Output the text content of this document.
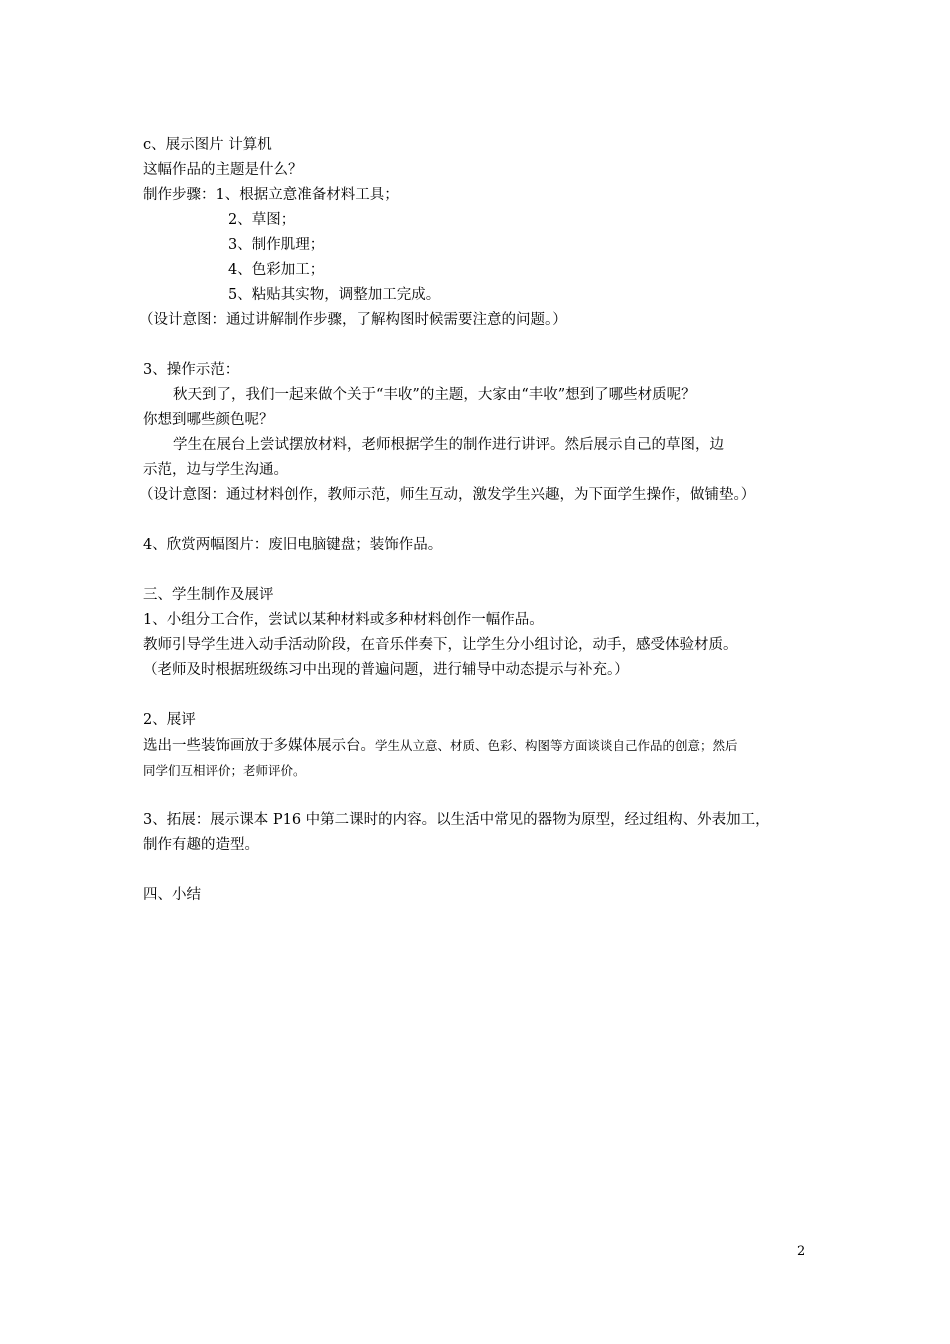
c、展示图片 计算机
这幅作品的主题是什么？
制作步骤：1、根据立意准备材料工具；
2、草图；
3、制作肌理；
4、色彩加工；
5、粘贴其实物，调整加工完成。
（设计意图：通过讲解制作步骤，了解构图时候需要注意的问题。）
3、操作示范：
秋天到了，我们一起来做个关于“丰收”的主题，大家由“丰收”想到了哪些材质呢？
你想到哪些颜色呢？
学生在展台上尝试摆放材料，老师根据学生的制作进行讲评。然后展示自己的草图，边
示范，边与学生沟通。
（设计意图：通过材料创作，教师示范，师生互动，激发学生兴趣，为下面学生操作，做铺垫。）
4、欣赏两幅图片：废旧电脑键盘；装饰作品。
三、学生制作及展评
1、小组分工合作，尝试以某种材料或多种材料创作一幅作品。
教师引导学生进入动手活动阶段，在音乐伴奏下，让学生分小组讨论，动手，感受体验材质。
（老师及时根据班级练习中出现的普遍问题，进行辅导中动态提示与补充。）
2、展评
选出一些装饰画放于多媒体展示台。学生从立意、材质、色彩、构图等方面谈谈自己作品的创意；然后
同学们互相评价；老师评价。
3、拓展：展示课本 P16 中第二课时的内容。以生活中常见的器物为原型，经过组构、外表加工，
制作有趣的造型。
四、小结
2
